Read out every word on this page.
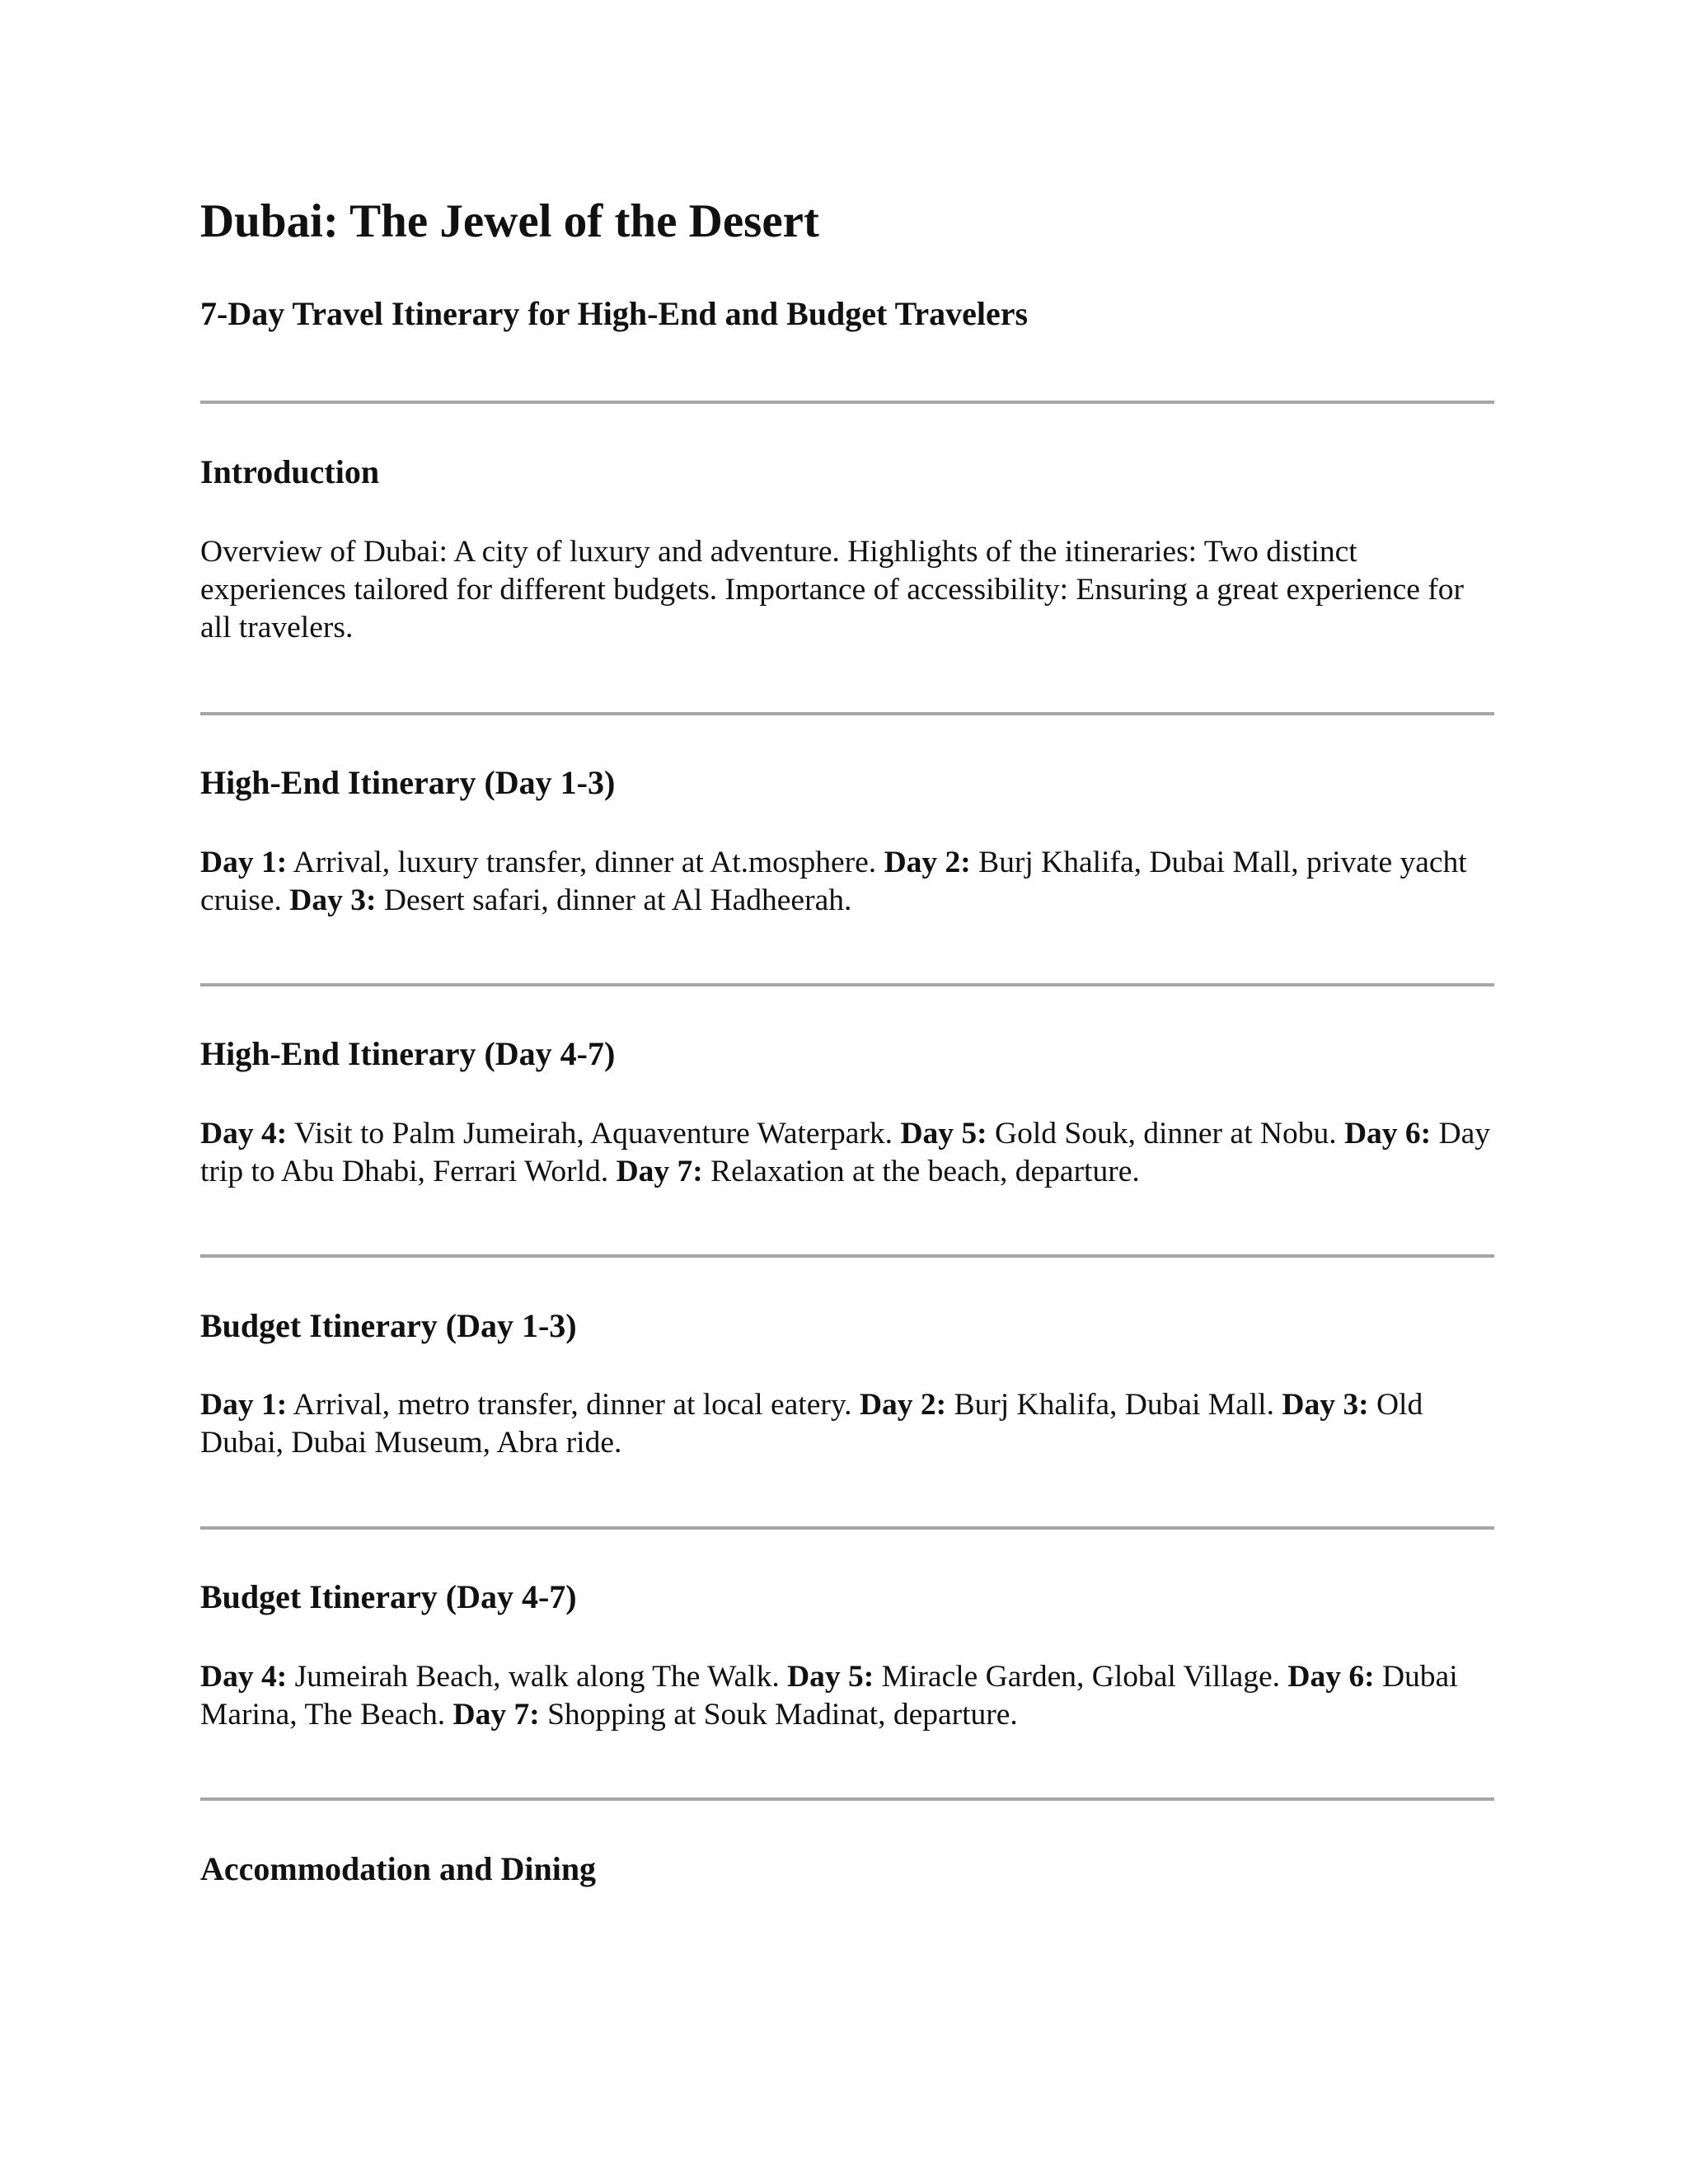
Dubai: The Jewel of the Desert
7-Day Travel Itinerary for High-End and Budget Travelers
Introduction

Overview of Dubai: A city of luxury and adventure. Highlights of the itineraries: Two distinct experiences tailored for different budgets. Importance of accessibility: Ensuring a great experience for all travelers.

High-End Itinerary (Day 1-3)

Day 1: Arrival, luxury transfer, dinner at At.mosphere. Day 2: Burj Khalifa, Dubai Mall, private yacht cruise. Day 3: Desert safari, dinner at Al Hadheerah.

High-End Itinerary (Day 4-7)

Day 4: Visit to Palm Jumeirah, Aquaventure Waterpark. Day 5: Gold Souk, dinner at Nobu. Day 6: Day trip to Abu Dhabi, Ferrari World. Day 7: Relaxation at the beach, departure.

Budget Itinerary (Day 1-3)

Day 1: Arrival, metro transfer, dinner at local eatery. Day 2: Burj Khalifa, Dubai Mall. Day 3: Old Dubai, Dubai Museum, Abra ride.

Budget Itinerary (Day 4-7)

Day 4: Jumeirah Beach, walk along The Walk. Day 5: Miracle Garden, Global Village. Day 6: Dubai Marina, The Beach. Day 7: Shopping at Souk Madinat, departure.

Accommodation and Dining
